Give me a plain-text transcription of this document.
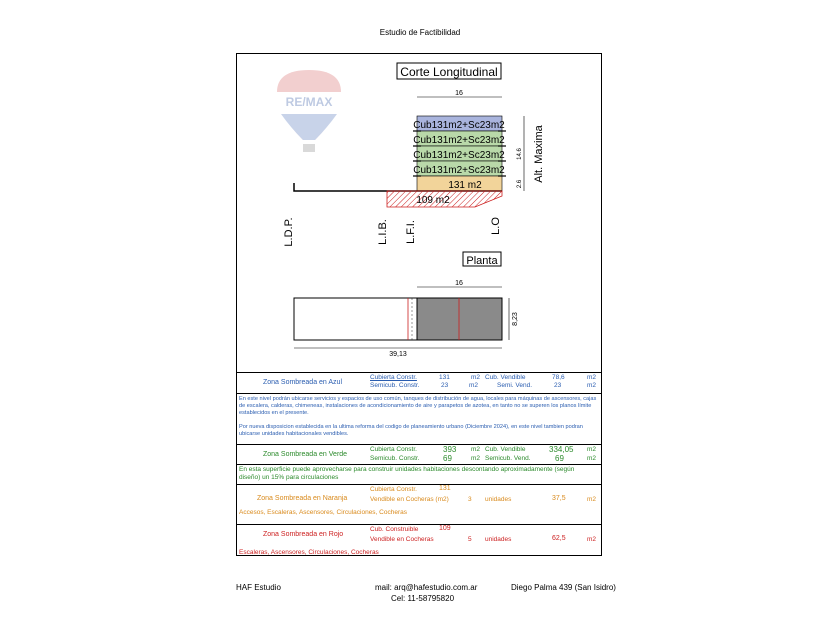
Estudio de Factibilidad
RE/MAX
Corte Longitudinal
16
Cub131m2+Sc23m2
Cub131m2+Sc23m2
Cub131m2+Sc23m2
Cub131m2+Sc23m2
131 m2
109 m2
14.6
2.6
Alt. Maxima
L.D.P.	L.I.B. L.F.I.	L.O
Planta
16
8,23
39,13
Zona Sombreada en Azul
Cubierta Constr.	131	m2 Cub. Vendible	78,6	m2
Semicub. Constr.	23	m2	Semi. Vend.	23	m2
En este nivel podrán ubicarse servicios y espacios de uso común, tanques de distribución de agua, locales para máquinas de ascensores, cajas de escalera, calderas, chimeneas, instalaciones de acondicionamiento de aire y parapetos de azotea, en tanto no se superen los planos límite establecidos en el presente.
Por nueva disposicion establecida en la ultima reforma del codigo de planeamiento urbano (Diciembre 2024), en este nivel tambien podran ubicarse unidades habitacionales vendibles.
Zona Sombreada en Verde
Cubierta Constr.	393 m2 Cub. Vendible	334,05 m2
Semicub. Constr.	69	m2 Semicub. Vend.	69	m2
En esta superficie puede aprovecharse para construir unidades habitaciones descontando aproximadamente (según diseño) un 15% para circulaciones
Zona Sombreada en Naranja
Cubierta Constr.	131
Vendible en Cocheras (m2)	3 unidades	37,5	m2
Accesos, Escaleras, Ascensores, Circulaciones, Cocheras
Zona Sombreada en Rojo
Cub. Construible	109
Vendible en Cocheras	5 unidades	62,5	m2
Escaleras, Ascensores, Circulaciones, Cocheras
HAF Estudio	mail: arq@hafestudio.com.ar
Cel: 11-58795820
Diego Palma 439 (San Isidro)
